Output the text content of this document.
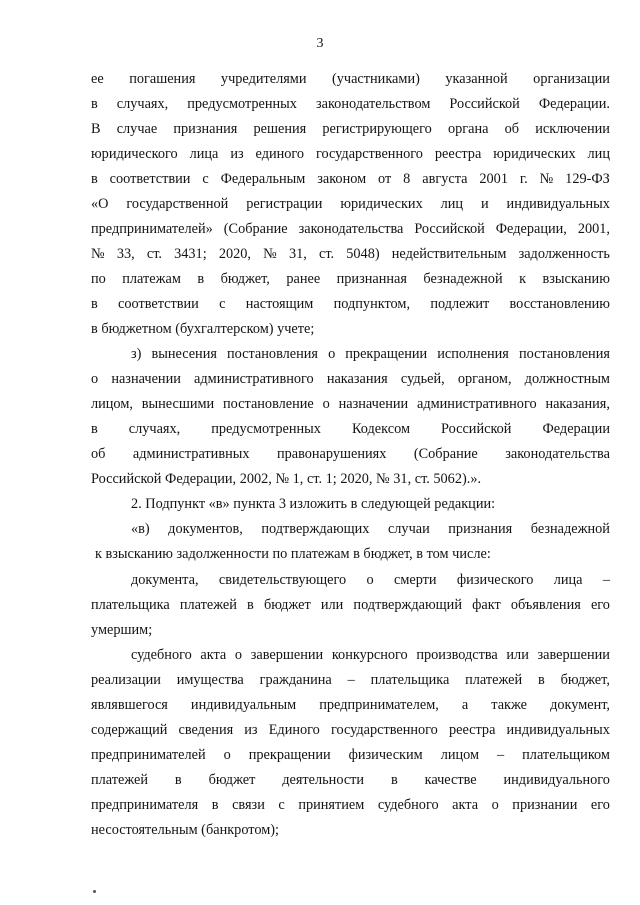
3
ее погашения учредителями (участниками) указанной организации
в случаях, предусмотренных законодательством Российской Федерации.
В случае признания решения регистрирующего органа об исключении
юридического лица из единого государственного реестра юридических лиц
в соответствии с Федеральным законом от 8 августа 2001 г. № 129-ФЗ
«О государственной регистрации юридических лиц и индивидуальных
предпринимателей» (Собрание законодательства Российской Федерации, 2001,
№ 33, ст. 3431; 2020, № 31, ст. 5048) недействительным задолженность
по платежам в бюджет, ранее признанная безнадежной к взысканию
в соответствии с настоящим подпунктом, подлежит восстановлению
в бюджетном (бухгалтерском) учете;
з) вынесения постановления о прекращении исполнения постановления
о назначении административного наказания судьей, органом, должностным
лицом, вынесшими постановление о назначении административного наказания,
в случаях, предусмотренных Кодексом Российской Федерации
об административных правонарушениях (Собрание законодательства
Российской Федерации, 2002, № 1, ст. 1; 2020, № 31, ст. 5062).».
2. Подпункт «в» пункта 3 изложить в следующей редакции:
«в) документов, подтверждающих случаи признания безнадежной
к взысканию задолженности по платежам в бюджет, в том числе:
документа, свидетельствующего о смерти физического лица –
плательщика платежей в бюджет или подтверждающий факт объявления его
умершим;
судебного акта о завершении конкурсного производства или завершении
реализации имущества гражданина – плательщика платежей в бюджет,
являвшегося индивидуальным предпринимателем, а также документ,
содержащий сведения из Единого государственного реестра индивидуальных
предпринимателей о прекращении физическим лицом – плательщиком
платежей в бюджет деятельности в качестве индивидуального
предпринимателя в связи с принятием судебного акта о признании его
несостоятельным (банкротом);
